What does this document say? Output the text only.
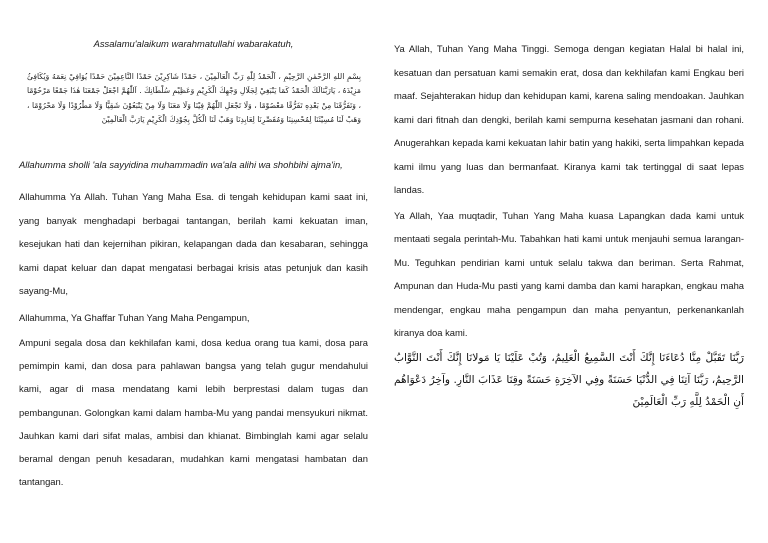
Assalamu'alaikum warahmatullahi wabarakatuh,

بِسْمِ اللهِ الرَّحْمٰنِ الرَّحِيْمِ ، اَلْحَمْدُ لِلّٰهِ رَبِّ الْعَالَمِيْنَ ، حَمْدًا شَاكِرِيْنَ حَمْدًا النَّاعِمِيْنَ حَمْدًا يُوَافِيْ نِعَمَهُ وَيُكَافِئُ مَزِيْدَهُ ، يَارَبَّنَالَكَ الْحَمْدُ كَمَا يَنْبَغِيْ لِجَلَالِ وَجْهِكَ الْكَرِيْمِ وَعَظِيْمِ سُلْطَانِكَ . اَللّٰهُمَّ اجْعَلْ جَمْعَنَا هٰذَا جَمْعًا مَرْحُوْمًا ، وَتَفَرُّقَنَا مِنْ بَعْدِهِ تَفَرُّقًا مَعْصُوْمًا ، وَلَا تَجْعَلِ اللّٰهُمَّ فِيْنَا وَلَا مَعَنَا وَلَا مِنْ يَتْبَعُوْنَ شَقِيًّا وَلَا مَطْرُوْدًا وَلَا مَحْرُوْمًا ، وَهَبْ لَنَا مُسِيْئَنَا لِمُحْسِنِنَا وَمُقَصِّرِنَا لِعَابِدِنَا وَهَبْ لَنَا الْكُلَّ بِجُوْدِكَ الْكَرِيْمِ يَارَبَّ الْعَالَمِيْنَ

Allahumma sholli 'ala sayyidina muhammadin wa'ala alihi wa shohbihi ajma'in,

Allahumma Ya Allah. Tuhan Yang Maha Esa. di tengah kehidupan kami saat ini, yang banyak menghadapi berbagai tantangan, berilah kami kekuatan iman, kesejukan hati dan kejernihan pikiran, kelapangan dada dan kesabaran, sehingga kami dapat keluar dan dapat mengatasi berbagai krisis atas petunjuk dan kasih sayang-Mu,

Allahumma, Ya Ghaffar Tuhan Yang Maha Pengampun,

Ampuni segala dosa dan kekhilafan kami, dosa kedua orang tua kami, dosa para pemimpin kami, dan dosa para pahlawan bangsa yang telah gugur mendahului kami, agar di masa mendatang kami lebih berprestasi dalam tugas dan pembangunan. Golongkan kami dalam hamba-Mu yang pandai mensyukuri nikmat. Jauhkan kami dari sifat malas, ambisi dan khianat. Bimbinglah kami agar selalu beramal dengan penuh kesadaran, mudahkan kami mengatasi hambatan dan tantangan.

Ya Allah, Tuhan Yang Maha Tinggi. Semoga dengan kegiatan Halal bi halal ini, kesatuan dan persatuan kami semakin erat, dosa dan kekhilafan kami Engkau beri maaf. Sejahterakan hidup dan kehidupan kami, karena saling mendoakan. Jauhkan kami dari fitnah dan dengki, berilah kami sempurna kesehatan jasmani dan rohani. Anugerahkan kepada kami kekuatan lahir batin yang hakiki, serta limpahkan kepada kami ilmu yang luas dan bermanfaat. Kiranya kami tak tertinggal di saat lepas landas.

Ya Allah, Yaa muqtadir, Tuhan Yang Maha kuasa Lapangkan dada kami untuk mentaati segala perintah-Mu. Tabahkan hati kami untuk menjauhi semua larangan-Mu. Teguhkan pendirian kami untuk selalu takwa dan beriman. Serta Rahmat, Ampunan dan Huda-Mu pasti yang kami damba dan kami harapkan, engkau maha mendengar, engkau maha pengampun dan maha penyantun, perkenankanlah kiranya doa kami.

رَبَّنَا تَقَبَّلْ مِنَّا دُعَاءَنَا إِنَّكَ أَنْتَ السَّمِيعُ الْعَلِيمُ، وَتُبْ عَلَيْنَا يَا مَولانَا إِنَّكَ أَنْتَ التَّوَّابُ الرَّحِيمُ، رَبَّنَا آتِنَا فِي الدُّنْيَا حَسَنَةً وفِي الآخِرَةِ حَسَنَةً وقِنَا عَذَابَ النَّارِ. وآخِرُ دَعْوَاهُم أَنِ الْحَمْدُ لِلَّهِ رَبِّ الْعَالَمِيْنَ
